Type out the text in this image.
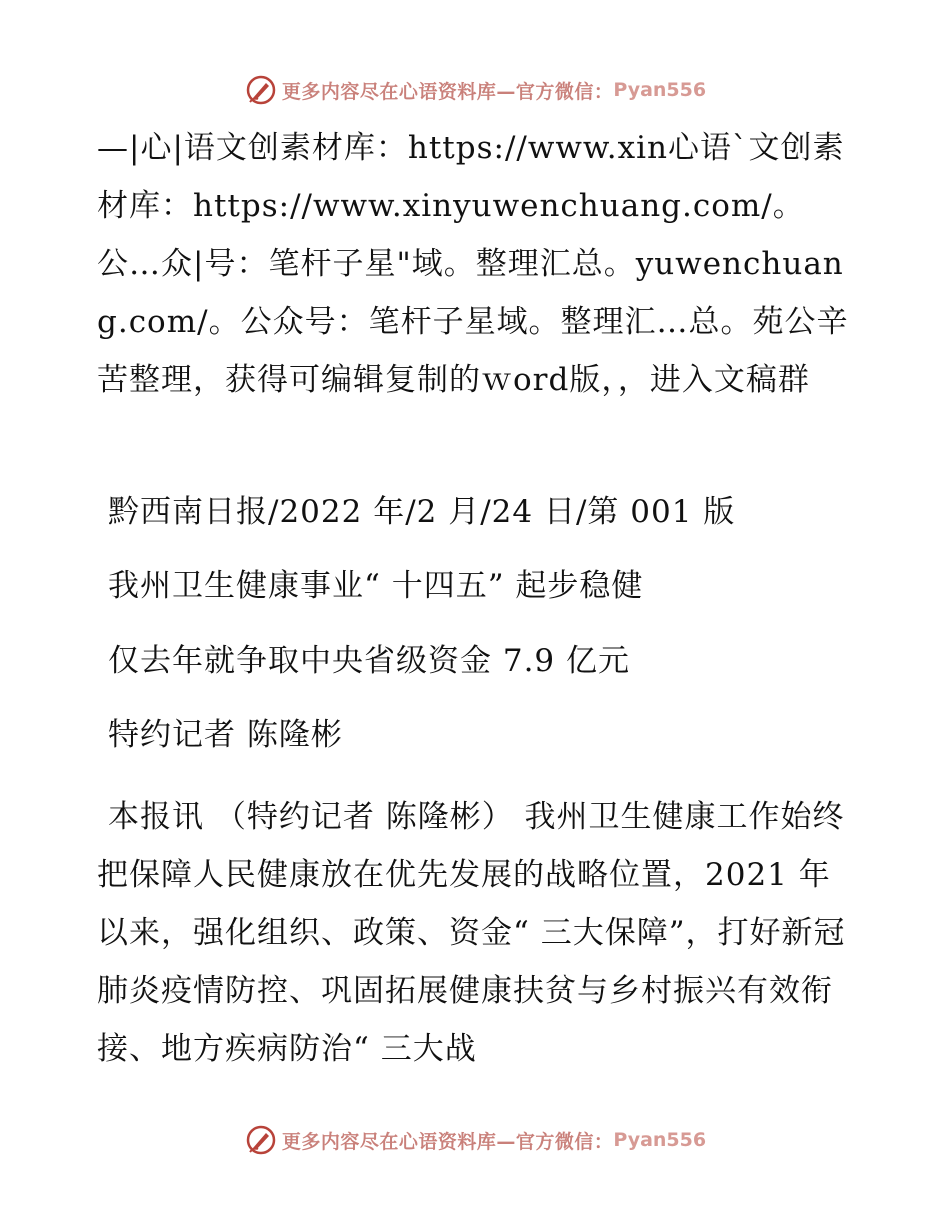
更多内容尽在心语资料库—官方微信： Pyan556

—|心|语文创素材库：https://www.xin心语`文创素材库：https://www.xinyuwenchuang.com/。公…众|号：笔杆子星"域。整理汇总。yuwenchuang.com/。公众号：笔杆子星域。整理汇…总。苑公辛苦整理，获得可编辑复制的ｗord版，，进入文稿群

黔西南日报/2022 年/2 月/24 日/第 001 版

我州卫生健康事业“ 十四五” 起步稳健

仅去年就争取中央省级资金 7.9 亿元

特约记者 陈隆彬

本报讯 （特约记者 陈隆彬） 我州卫生健康工作始终把保障人民健康放在优先发展的战略位置，2021 年以来，强化组织、政策、资金“ 三大保障”，打好新冠肺炎疫情防控、巩固拓展健康扶贫与乡村振兴有效衔接、地方疾病防治“ 三大战

更多内容尽在心语资料库—官方微信： Pyan556
